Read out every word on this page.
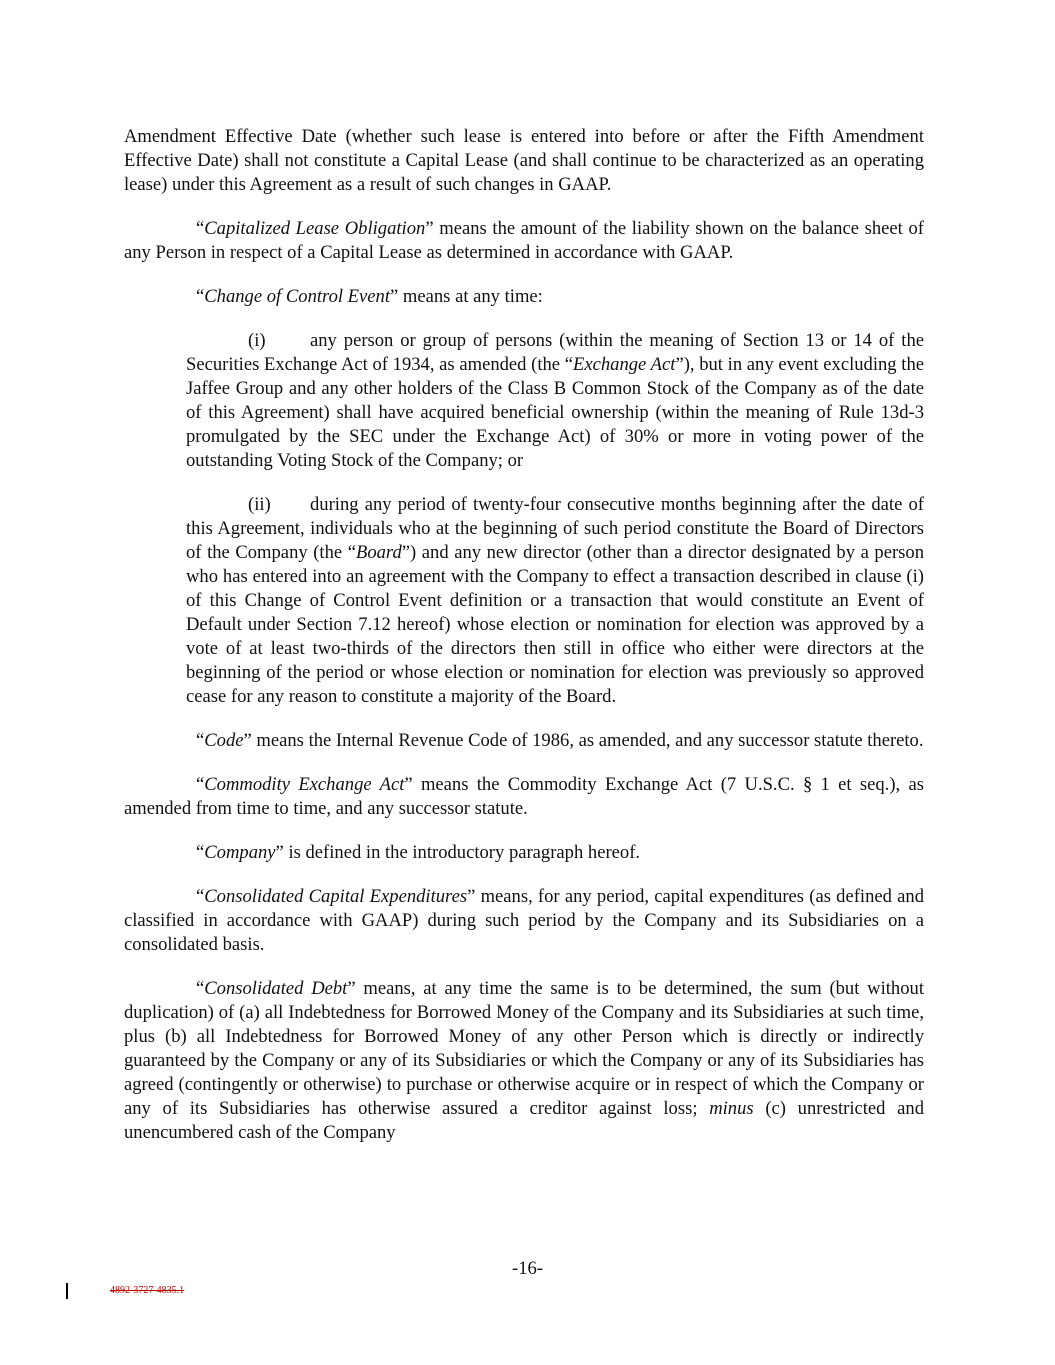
Amendment Effective Date (whether such lease is entered into before or after the Fifth Amendment Effective Date) shall not constitute a Capital Lease (and shall continue to be characterized as an operating lease) under this Agreement as a result of such changes in GAAP.

“Capitalized Lease Obligation” means the amount of the liability shown on the balance sheet of any Person in respect of a Capital Lease as determined in accordance with GAAP.

“Change of Control Event” means at any time:

(i) any person or group of persons (within the meaning of Section 13 or 14 of the Securities Exchange Act of 1934, as amended (the “Exchange Act”), but in any event excluding the Jaffee Group and any other holders of the Class B Common Stock of the Company as of the date of this Agreement) shall have acquired beneficial ownership (within the meaning of Rule 13d-3 promulgated by the SEC under the Exchange Act) of 30% or more in voting power of the outstanding Voting Stock of the Company; or

(ii) during any period of twenty-four consecutive months beginning after the date of this Agreement, individuals who at the beginning of such period constitute the Board of Directors of the Company (the “Board”) and any new director (other than a director designated by a person who has entered into an agreement with the Company to effect a transaction described in clause (i) of this Change of Control Event definition or a transaction that would constitute an Event of Default under Section 7.12 hereof) whose election or nomination for election was approved by a vote of at least two-thirds of the directors then still in office who either were directors at the beginning of the period or whose election or nomination for election was previously so approved cease for any reason to constitute a majority of the Board.

“Code” means the Internal Revenue Code of 1986, as amended, and any successor statute thereto.

“Commodity Exchange Act” means the Commodity Exchange Act (7 U.S.C. § 1 et seq.), as amended from time to time, and any successor statute.

“Company” is defined in the introductory paragraph hereof.

“Consolidated Capital Expenditures” means, for any period, capital expenditures (as defined and classified in accordance with GAAP) during such period by the Company and its Subsidiaries on a consolidated basis.

“Consolidated Debt” means, at any time the same is to be determined, the sum (but without duplication) of (a) all Indebtedness for Borrowed Money of the Company and its Subsidiaries at such time, plus (b) all Indebtedness for Borrowed Money of any other Person which is directly or indirectly guaranteed by the Company or any of its Subsidiaries or which the Company or any of its Subsidiaries has agreed (contingently or otherwise) to purchase or otherwise acquire or in respect of which the Company or any of its Subsidiaries has otherwise assured a creditor against loss; minus (c) unrestricted and unencumbered cash of the Company

-16-
4892-3727-4835.1
